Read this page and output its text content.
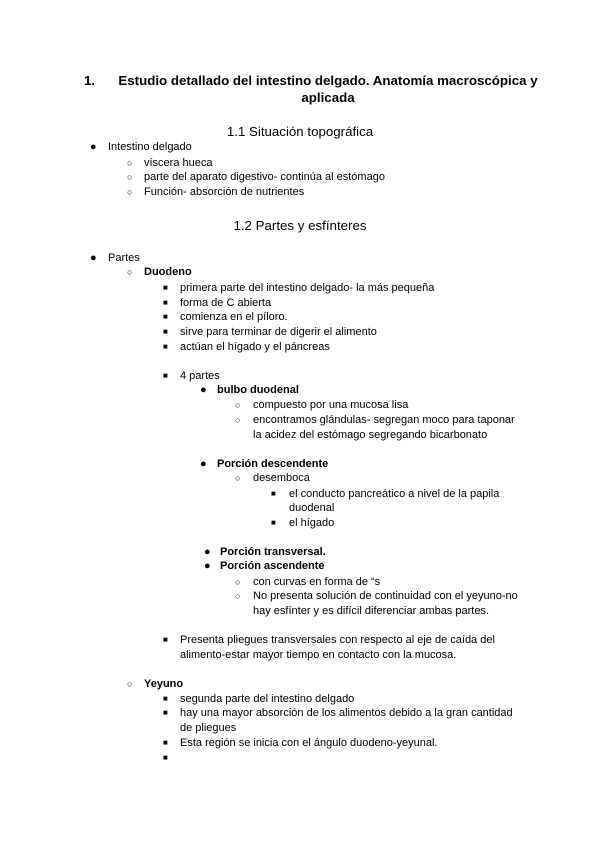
1.	Estudio detallado del intestino delgado. Anatomía macroscópica y aplicada
1.1 Situación topográfica
● Intestino delgado
○ víscera hueca
○ parte del aparato digestivo- continúa al estómago
○ Función- absorción de nutrientes
1.2 Partes y esfínteres
● Partes
○ Duodeno
■ primera parte del intestino delgado- la más pequeña
■ forma de C abierta
■ comienza en el píloro.
■ sirve para terminar de digerir el alimento
■ actúan el hígado y el páncreas
■ 4 partes
● bulbo duodenal
○ compuesto por una mucosa lisa
○ encontramos glándulas- segregan moco para taponar
la acidez del estómago segregando bicarbonato
● Porción descendente
○ desemboca
■ el conducto pancreático a nivel de la papila
duodenal
■ el hígado
● Porción transversal.
● Porción ascendente
○ con curvas en forma de “s
○ No presenta solución de continuidad con el yeyuno-no
hay esfínter y es difícil diferenciar ambas partes.
■ Presenta pliegues transversales con respecto al eje de caída del
alimento-estar mayor tiempo en contacto con la mucosa.
○ Yeyuno
■ segunda parte del intestino delgado
■ hay una mayor absorción de los alimentos debido a la gran cantidad
de pliegues
■ Esta región se inicia con el ángulo duodeno-yeyunal.
■
